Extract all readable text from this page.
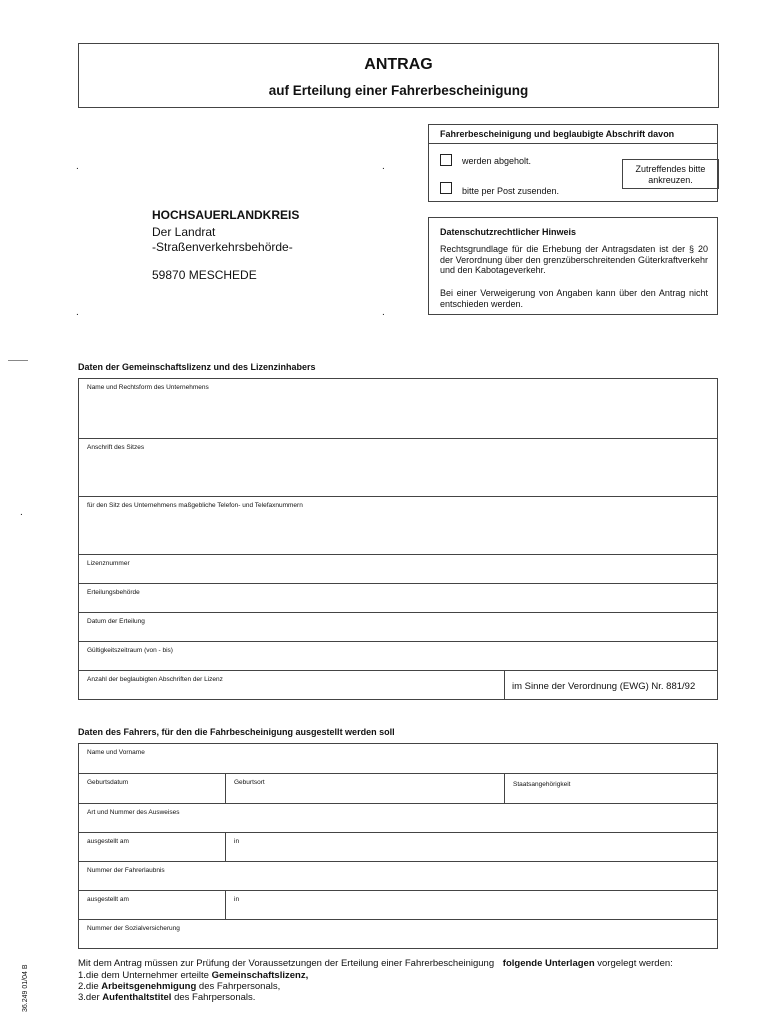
ANTRAG
auf Erteilung einer Fahrerbescheinigung
Fahrerbescheinigung und beglaubigte Abschrift davon
werden abgeholt.
bitte per Post zusenden.
Zutreffendes bitte
ankreuzen.
.	.
.	.
.
HOCHSAUERLANDKREIS
Der Landrat
-Straßenverkehrsbehörde-
59870 MESCHEDE
Datenschutzrechtlicher Hinweis
Rechtsgrundlage für die Erhebung der Antragsdaten ist der § 20 der Verordnung über den grenzüberschreitenden Güterkraftverkehr und den Kabotageverkehr.
Bei einer Verweigerung von Angaben kann über den Antrag nicht entschieden werden.
Daten der Gemeinschaftslizenz und des Lizenzinhabers
Name und Rechtsform des Unternehmens
Anschrift des Sitzes
für den Sitz des Unternehmens maßgebliche Telefon- und Telefaxnummern
Lizenznummer
Erteilungsbehörde
Datum der Erteilung
Gültigkeitszeitraum (von - bis)
Anzahl der beglaubigten Abschriften der Lizenz
im Sinne der Verordnung (EWG) Nr. 881/92
Daten des Fahrers, für den die Fahrbescheinigung ausgestellt werden soll
Name und Vorname
Geburtsdatum	Geburtsort	Staatsangehörigkeit
Art und Nummer des Ausweises
ausgestellt am	in
Nummer der Fahrerlaubnis
ausgestellt am	in
Nummer der Sozialversicherung
Mit dem Antrag müssen zur Prüfung der Voraussetzungen der Erteilung einer Fahrerbescheinigung folgende Unterlagen vorgelegt werden:
1.die dem Unternehmer erteilte Gemeinschaftslizenz,
2.die Arbeitsgenehmigung des Fahrpersonals,
3.der Aufenthaltstitel des Fahrpersonals.
36.249 01/04 B
